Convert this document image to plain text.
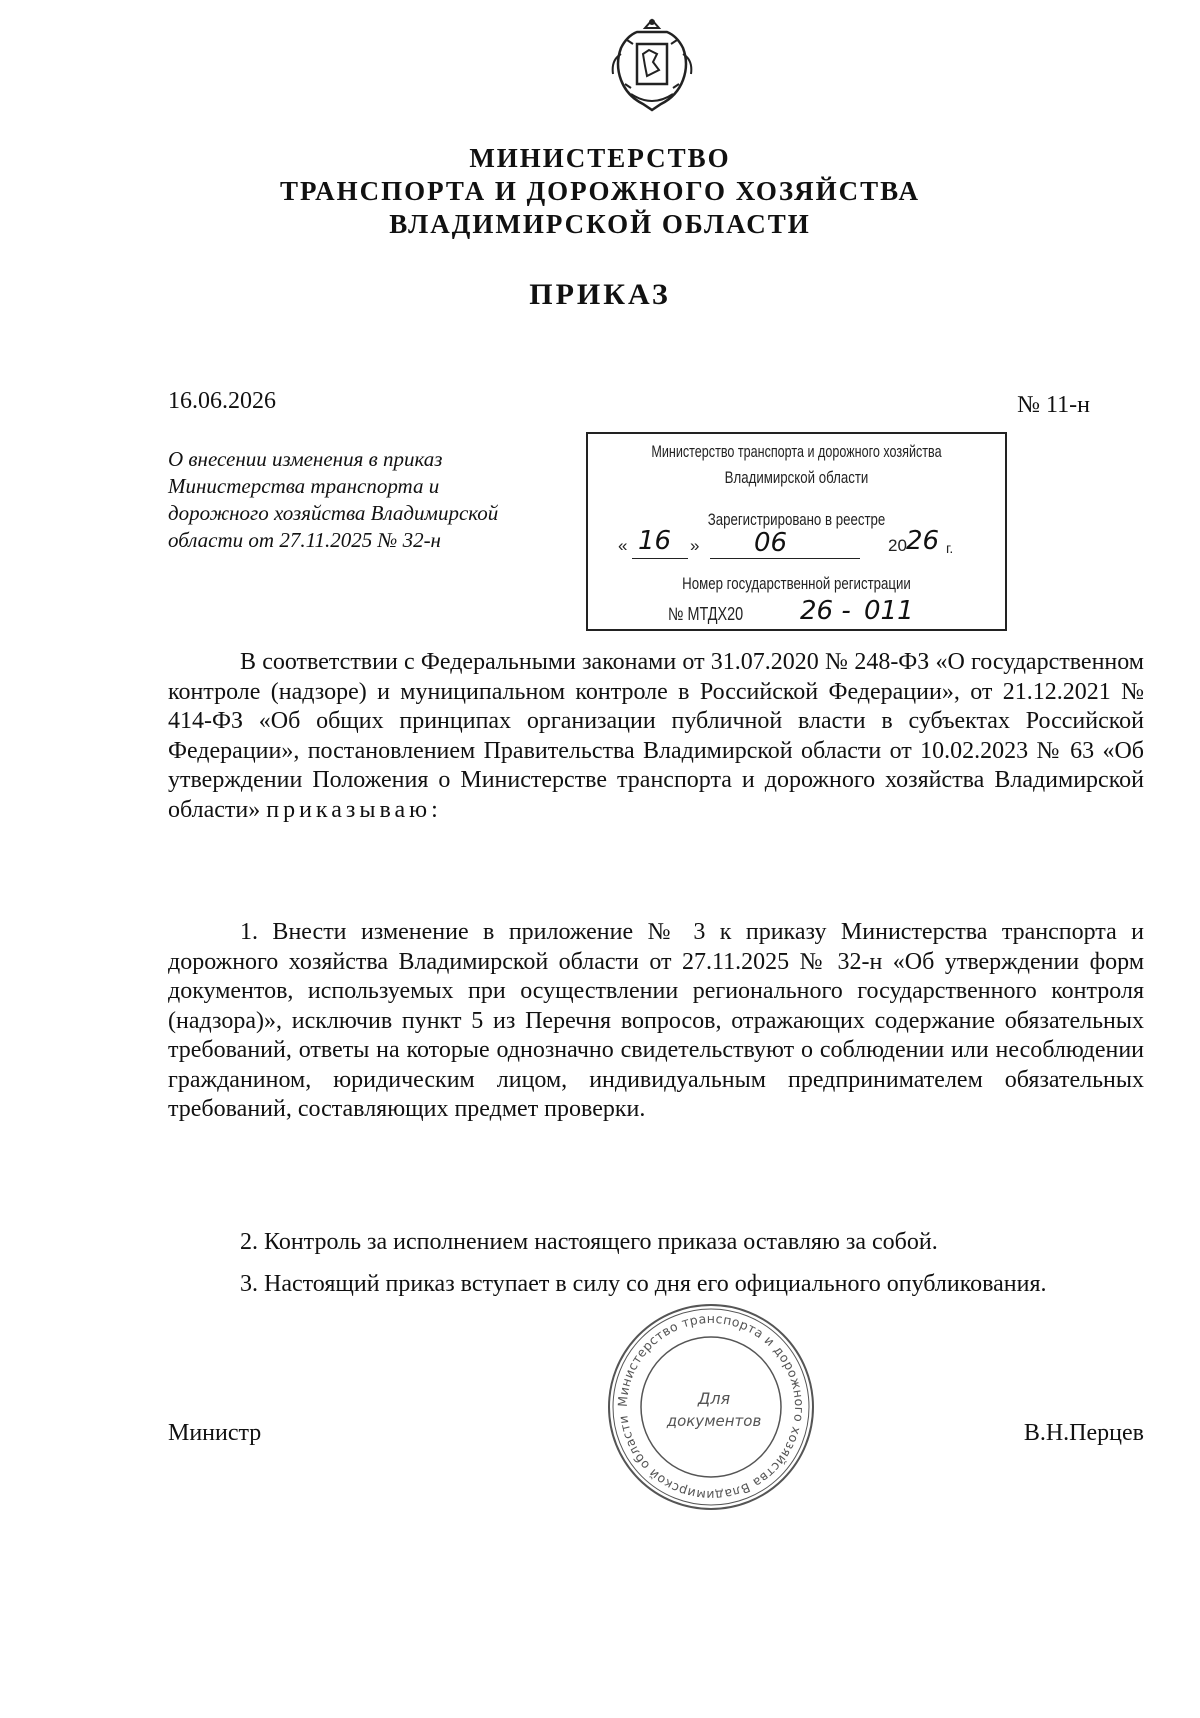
МИНИСТЕРСТВО
ТРАНСПОРТА И ДОРОЖНОГО ХОЗЯЙСТВА
ВЛАДИМИРСКОЙ ОБЛАСТИ
ПРИКАЗ
16.06.2026	№ 11-н
О внесении изменения в приказ
Министерства транспорта и
дорожного хозяйства Владимирской
области от 27.11.2025 № 32-н
Министерство транспорта и дорожного хозяйства
Владимирской области
Зарегистрировано в реестре
« 16 » 06	20 26 г.
Номер государственной регистрации
№ МТДХ20 26 - 011

В соответствии с Федеральными законами от 31.07.2020 № 248-ФЗ «О государственном контроле (надзоре) и муниципальном контроле в Российской Федерации», от 21.12.2021 № 414-ФЗ «Об общих принципах организации публичной власти в субъектах Российской Федерации», постановлением Правительства Владимирской области от 10.02.2023 № 63 «Об утверждении Положения о Министерстве транспорта и дорожного хозяйства Владимирской области» приказываю:

1. Внести изменение в приложение № 3 к приказу Министерства транспорта и дорожного хозяйства Владимирской области от 27.11.2025 № 32-н «Об утверждении форм документов, используемых при осуществлении регионального государственного контроля (надзора)», исключив пункт 5 из Перечня вопросов, отражающих содержание обязательных требований, ответы на которые однозначно свидетельствуют о соблюдении или несоблюдении гражданином, юридическим лицом, индивидуальным предпринимателем обязательных требований, составляющих предмет проверки.

2. Контроль за исполнением настоящего приказа оставляю за собой.

3. Настоящий приказ вступает в силу со дня его официального опубликования.

Министр	В.Н.Перцев
Министерство транспорта и дорожного хозяйства Владимирской области
Для
документов
